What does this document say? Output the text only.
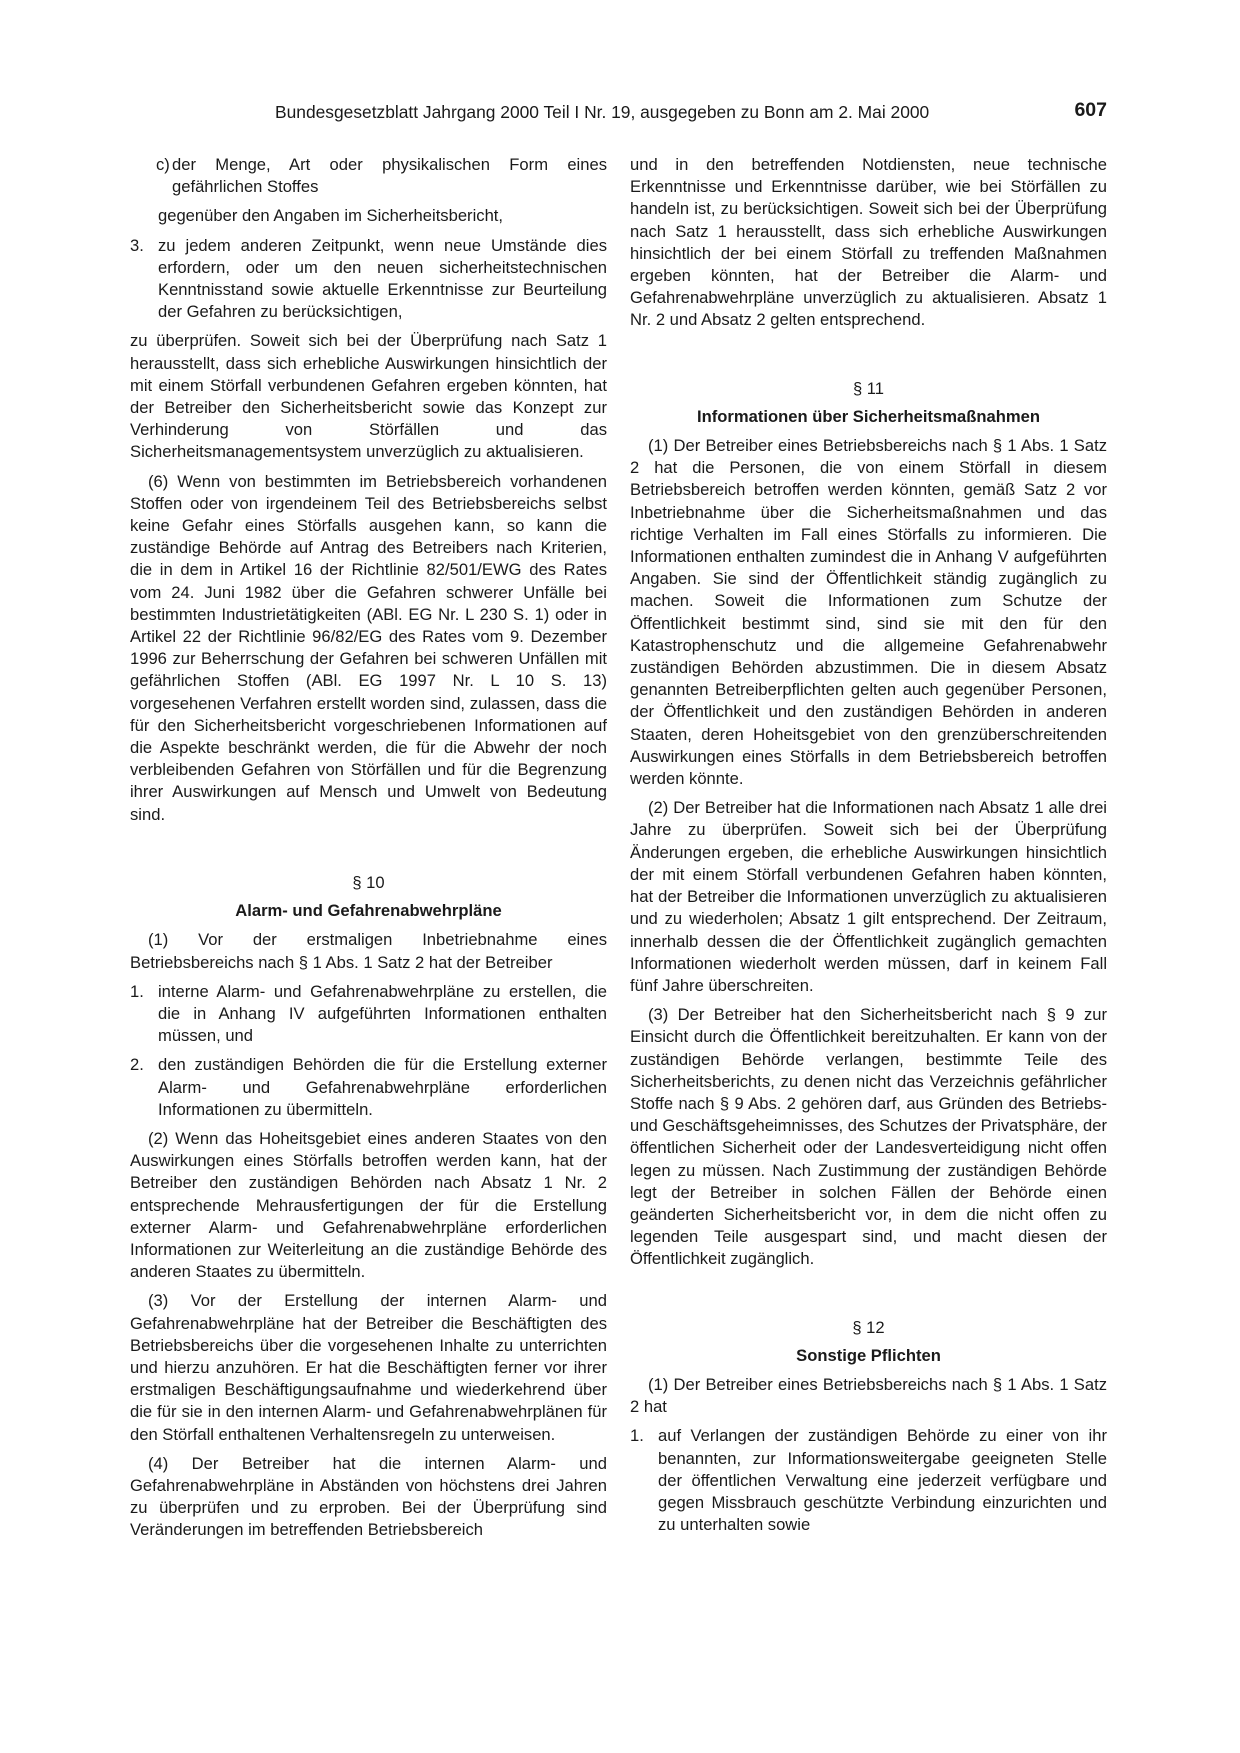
Bundesgesetzblatt Jahrgang 2000 Teil I Nr. 19, ausgegeben zu Bonn am 2. Mai 2000	607
c) der Menge, Art oder physikalischen Form eines gefährlichen Stoffes

gegenüber den Angaben im Sicherheitsbericht,

3. zu jedem anderen Zeitpunkt, wenn neue Umstände dies erfordern, oder um den neuen sicherheitstechnischen Kenntnisstand sowie aktuelle Erkenntnisse zur Beurteilung der Gefahren zu berücksichtigen,

zu überprüfen. Soweit sich bei der Überprüfung nach Satz 1 herausstellt, dass sich erhebliche Auswirkungen hinsichtlich der mit einem Störfall verbundenen Gefahren ergeben könnten, hat der Betreiber den Sicherheitsbericht sowie das Konzept zur Verhinderung von Störfällen und das Sicherheitsmanagementsystem unverzüglich zu aktualisieren.

(6) Wenn von bestimmten im Betriebsbereich vorhandenen Stoffen oder von irgendeinem Teil des Betriebsbereichs selbst keine Gefahr eines Störfalls ausgehen kann, so kann die zuständige Behörde auf Antrag des Betreibers nach Kriterien, die in dem in Artikel 16 der Richtlinie 82/501/EWG des Rates vom 24. Juni 1982 über die Gefahren schwerer Unfälle bei bestimmten Industrietätigkeiten (ABl. EG Nr. L 230 S. 1) oder in Artikel 22 der Richtlinie 96/82/EG des Rates vom 9. Dezember 1996 zur Beherrschung der Gefahren bei schweren Unfällen mit gefährlichen Stoffen (ABl. EG 1997 Nr. L 10 S. 13) vorgesehenen Verfahren erstellt worden sind, zulassen, dass die für den Sicherheitsbericht vorgeschriebenen Informationen auf die Aspekte beschränkt werden, die für die Abwehr der noch verbleibenden Gefahren von Störfällen und für die Begrenzung ihrer Auswirkungen auf Mensch und Umwelt von Bedeutung sind.

§ 10

Alarm- und Gefahrenabwehrpläne

(1) Vor der erstmaligen Inbetriebnahme eines Betriebsbereichs nach § 1 Abs. 1 Satz 2 hat der Betreiber

1. interne Alarm- und Gefahrenabwehrpläne zu erstellen, die die in Anhang IV aufgeführten Informationen enthalten müssen, und
2. den zuständigen Behörden die für die Erstellung externer Alarm- und Gefahrenabwehrpläne erforderlichen Informationen zu übermitteln.

(2) Wenn das Hoheitsgebiet eines anderen Staates von den Auswirkungen eines Störfalls betroffen werden kann, hat der Betreiber den zuständigen Behörden nach Absatz 1 Nr. 2 entsprechende Mehrausfertigungen der für die Erstellung externer Alarm- und Gefahrenabwehrpläne erforderlichen Informationen zur Weiterleitung an die zuständige Behörde des anderen Staates zu übermitteln.

(3) Vor der Erstellung der internen Alarm- und Gefahrenabwehrpläne hat der Betreiber die Beschäftigten des Betriebsbereichs über die vorgesehenen Inhalte zu unterrichten und hierzu anzuhören. Er hat die Beschäftigten ferner vor ihrer erstmaligen Beschäftigungsaufnahme und wiederkehrend über die für sie in den internen Alarm- und Gefahrenabwehrplänen für den Störfall enthaltenen Verhaltensregeln zu unterweisen.

(4) Der Betreiber hat die internen Alarm- und Gefahrenabwehrpläne in Abständen von höchstens drei Jahren zu überprüfen und zu erproben. Bei der Überprüfung sind Veränderungen im betreffenden Betriebsbereich

und in den betreffenden Notdiensten, neue technische Erkenntnisse und Erkenntnisse darüber, wie bei Störfällen zu handeln ist, zu berücksichtigen. Soweit sich bei der Überprüfung nach Satz 1 herausstellt, dass sich erhebliche Auswirkungen hinsichtlich der bei einem Störfall zu treffenden Maßnahmen ergeben könnten, hat der Betreiber die Alarm- und Gefahrenabwehrpläne unverzüglich zu aktualisieren. Absatz 1 Nr. 2 und Absatz 2 gelten entsprechend.

§ 11

Informationen über Sicherheitsmaßnahmen

(1) Der Betreiber eines Betriebsbereichs nach § 1 Abs. 1 Satz 2 hat die Personen, die von einem Störfall in diesem Betriebsbereich betroffen werden könnten, gemäß Satz 2 vor Inbetriebnahme über die Sicherheitsmaßnahmen und das richtige Verhalten im Fall eines Störfalls zu informieren. Die Informationen enthalten zumindest die in Anhang V aufgeführten Angaben. Sie sind der Öffentlichkeit ständig zugänglich zu machen. Soweit die Informationen zum Schutze der Öffentlichkeit bestimmt sind, sind sie mit den für den Katastrophenschutz und die allgemeine Gefahrenabwehr zuständigen Behörden abzustimmen. Die in diesem Absatz genannten Betreiberpflichten gelten auch gegenüber Personen, der Öffentlichkeit und den zuständigen Behörden in anderen Staaten, deren Hoheitsgebiet von den grenzüberschreitenden Auswirkungen eines Störfalls in dem Betriebsbereich betroffen werden könnte.

(2) Der Betreiber hat die Informationen nach Absatz 1 alle drei Jahre zu überprüfen. Soweit sich bei der Überprüfung Änderungen ergeben, die erhebliche Auswirkungen hinsichtlich der mit einem Störfall verbundenen Gefahren haben könnten, hat der Betreiber die Informationen unverzüglich zu aktualisieren und zu wiederholen; Absatz 1 gilt entsprechend. Der Zeitraum, innerhalb dessen die der Öffentlichkeit zugänglich gemachten Informationen wiederholt werden müssen, darf in keinem Fall fünf Jahre überschreiten.

(3) Der Betreiber hat den Sicherheitsbericht nach § 9 zur Einsicht durch die Öffentlichkeit bereitzuhalten. Er kann von der zuständigen Behörde verlangen, bestimmte Teile des Sicherheitsberichts, zu denen nicht das Verzeichnis gefährlicher Stoffe nach § 9 Abs. 2 gehören darf, aus Gründen des Betriebs- und Geschäftsgeheimnisses, des Schutzes der Privatsphäre, der öffentlichen Sicherheit oder der Landesverteidigung nicht offen legen zu müssen. Nach Zustimmung der zuständigen Behörde legt der Betreiber in solchen Fällen der Behörde einen geänderten Sicherheitsbericht vor, in dem die nicht offen zu legenden Teile ausgespart sind, und macht diesen der Öffentlichkeit zugänglich.

§ 12

Sonstige Pflichten

(1) Der Betreiber eines Betriebsbereichs nach § 1 Abs. 1 Satz 2 hat

1. auf Verlangen der zuständigen Behörde zu einer von ihr benannten, zur Informationsweitergabe geeigneten Stelle der öffentlichen Verwaltung eine jederzeit verfügbare und gegen Missbrauch geschützte Verbindung einzurichten und zu unterhalten sowie
